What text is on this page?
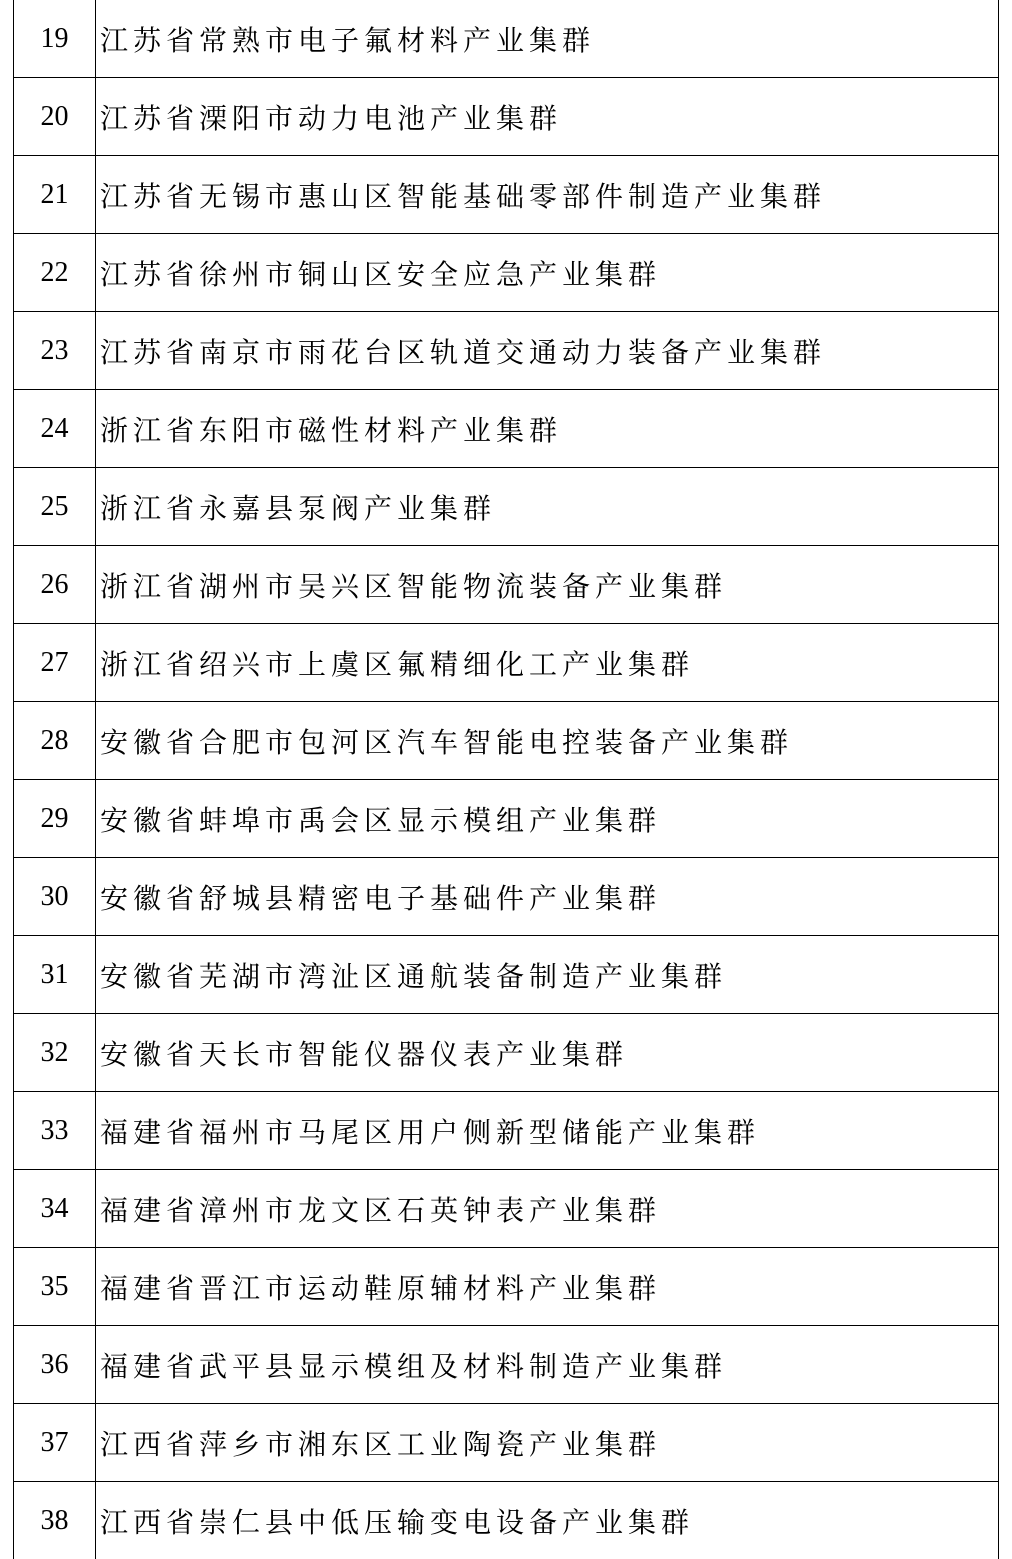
19	江苏省常熟市电子氟材料产业集群
20	江苏省溧阳市动力电池产业集群
21	江苏省无锡市惠山区智能基础零部件制造产业集群
22	江苏省徐州市铜山区安全应急产业集群
23	江苏省南京市雨花台区轨道交通动力装备产业集群
24	浙江省东阳市磁性材料产业集群
25	浙江省永嘉县泵阀产业集群
26	浙江省湖州市吴兴区智能物流装备产业集群
27	浙江省绍兴市上虞区氟精细化工产业集群
28	安徽省合肥市包河区汽车智能电控装备产业集群
29	安徽省蚌埠市禹会区显示模组产业集群
30	安徽省舒城县精密电子基础件产业集群
31	安徽省芜湖市湾沚区通航装备制造产业集群
32	安徽省天长市智能仪器仪表产业集群
33	福建省福州市马尾区用户侧新型储能产业集群
34	福建省漳州市龙文区石英钟表产业集群
35	福建省晋江市运动鞋原辅材料产业集群
36	福建省武平县显示模组及材料制造产业集群
37	江西省萍乡市湘东区工业陶瓷产业集群
38	江西省崇仁县中低压输变电设备产业集群
